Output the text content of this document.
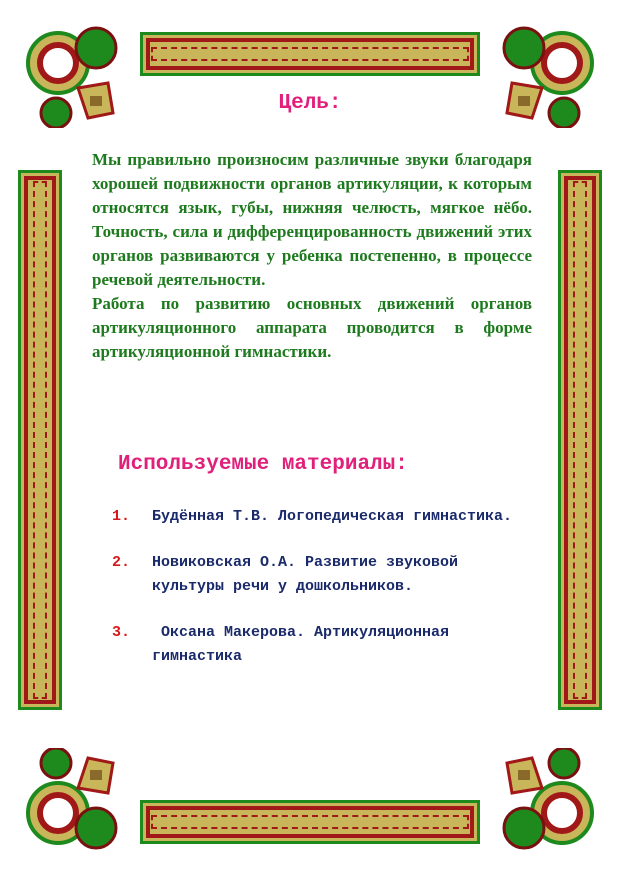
Цель:

Мы правильно произносим различные звуки благодаря хорошей подвижности органов артикуляции, к которым относятся язык, губы, нижняя челюсть, мягкое нёбо. Точность, сила и дифференцированность движений этих органов развиваются у ребенка постепенно, в процессе речевой деятельности.

Работа по развитию основных движений органов артикуляционного аппарата проводится в форме артикуляционной гимнастики.

Используемые материалы:
1.	Будённая Т.В. Логопедическая гимнастика.
2.	Новиковская О.А. Развитие звуковой культуры речи у дошкольников.
3.	Оксана Макерова. Артикуляционная гимнастика
